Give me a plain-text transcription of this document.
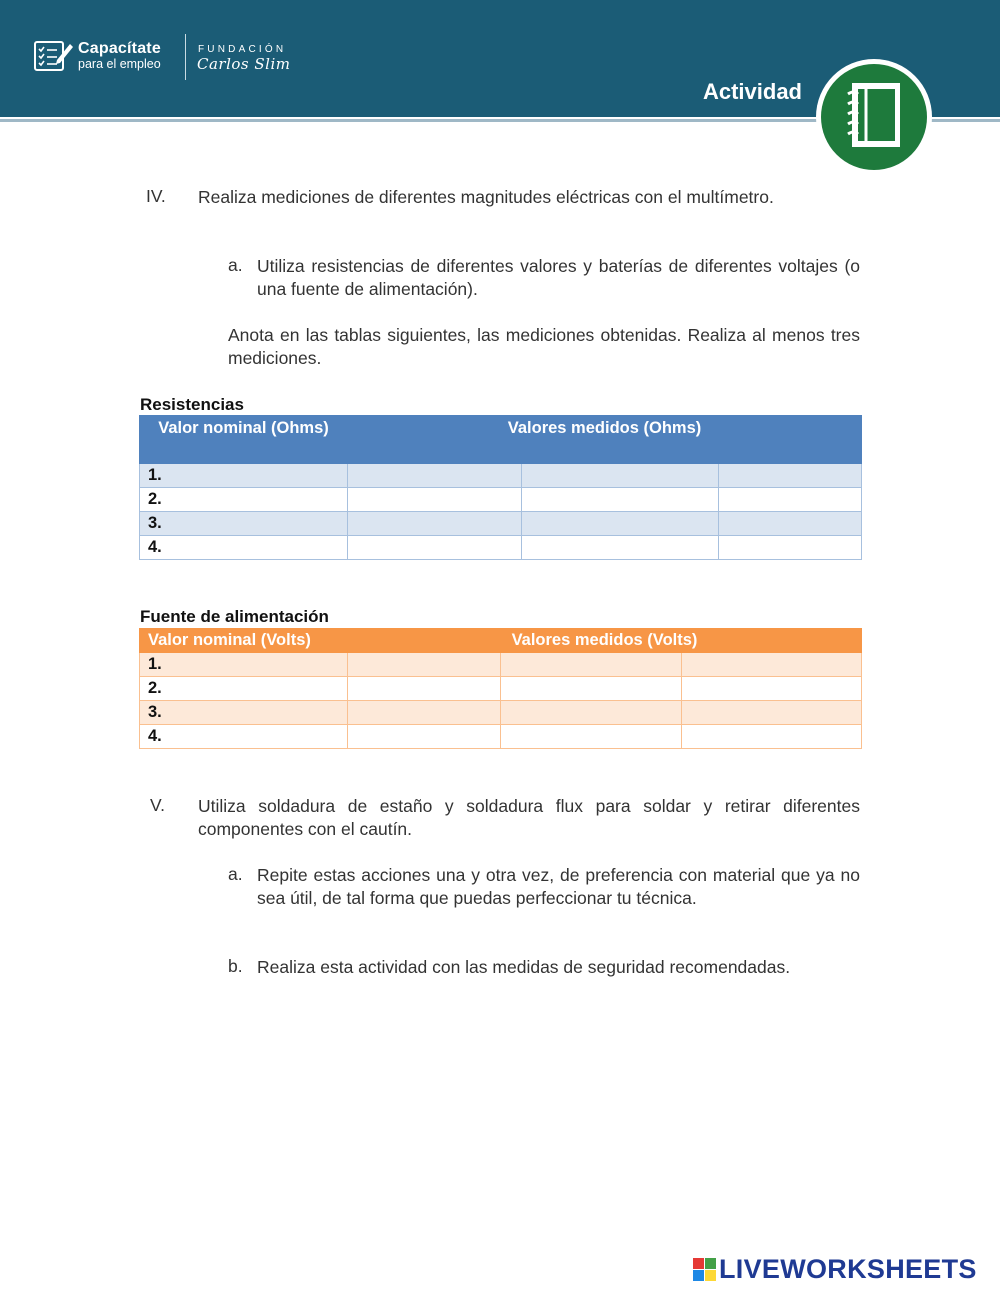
Capacítate
para el empleo
FUNDACIÓN
Carlos Slim
Actividad
IV. Realiza mediciones de diferentes magnitudes eléctricas con el multímetro.
a. Utiliza resistencias de diferentes valores y baterías de diferentes voltajes (o una fuente de alimentación).
Anota en las tablas siguientes, las mediciones obtenidas. Realiza al menos tres mediciones.
Resistencias
Valor nominal (Ohms)	Valores medidos (Ohms)		
1.			
2.			
3.			
4.			
Fuente de alimentación
Valor nominal (Volts)	Valores medidos (Volts)		
1.			
2.			
3.			
4.			
V. Utiliza soldadura de estaño y soldadura flux para soldar y retirar diferentes componentes con el cautín.
a. Repite estas acciones una y otra vez, de preferencia con material que ya no sea útil, de tal forma que puedas perfeccionar tu técnica.
b. Realiza esta actividad con las medidas de seguridad recomendadas.
LIVEWORKSHEETS
